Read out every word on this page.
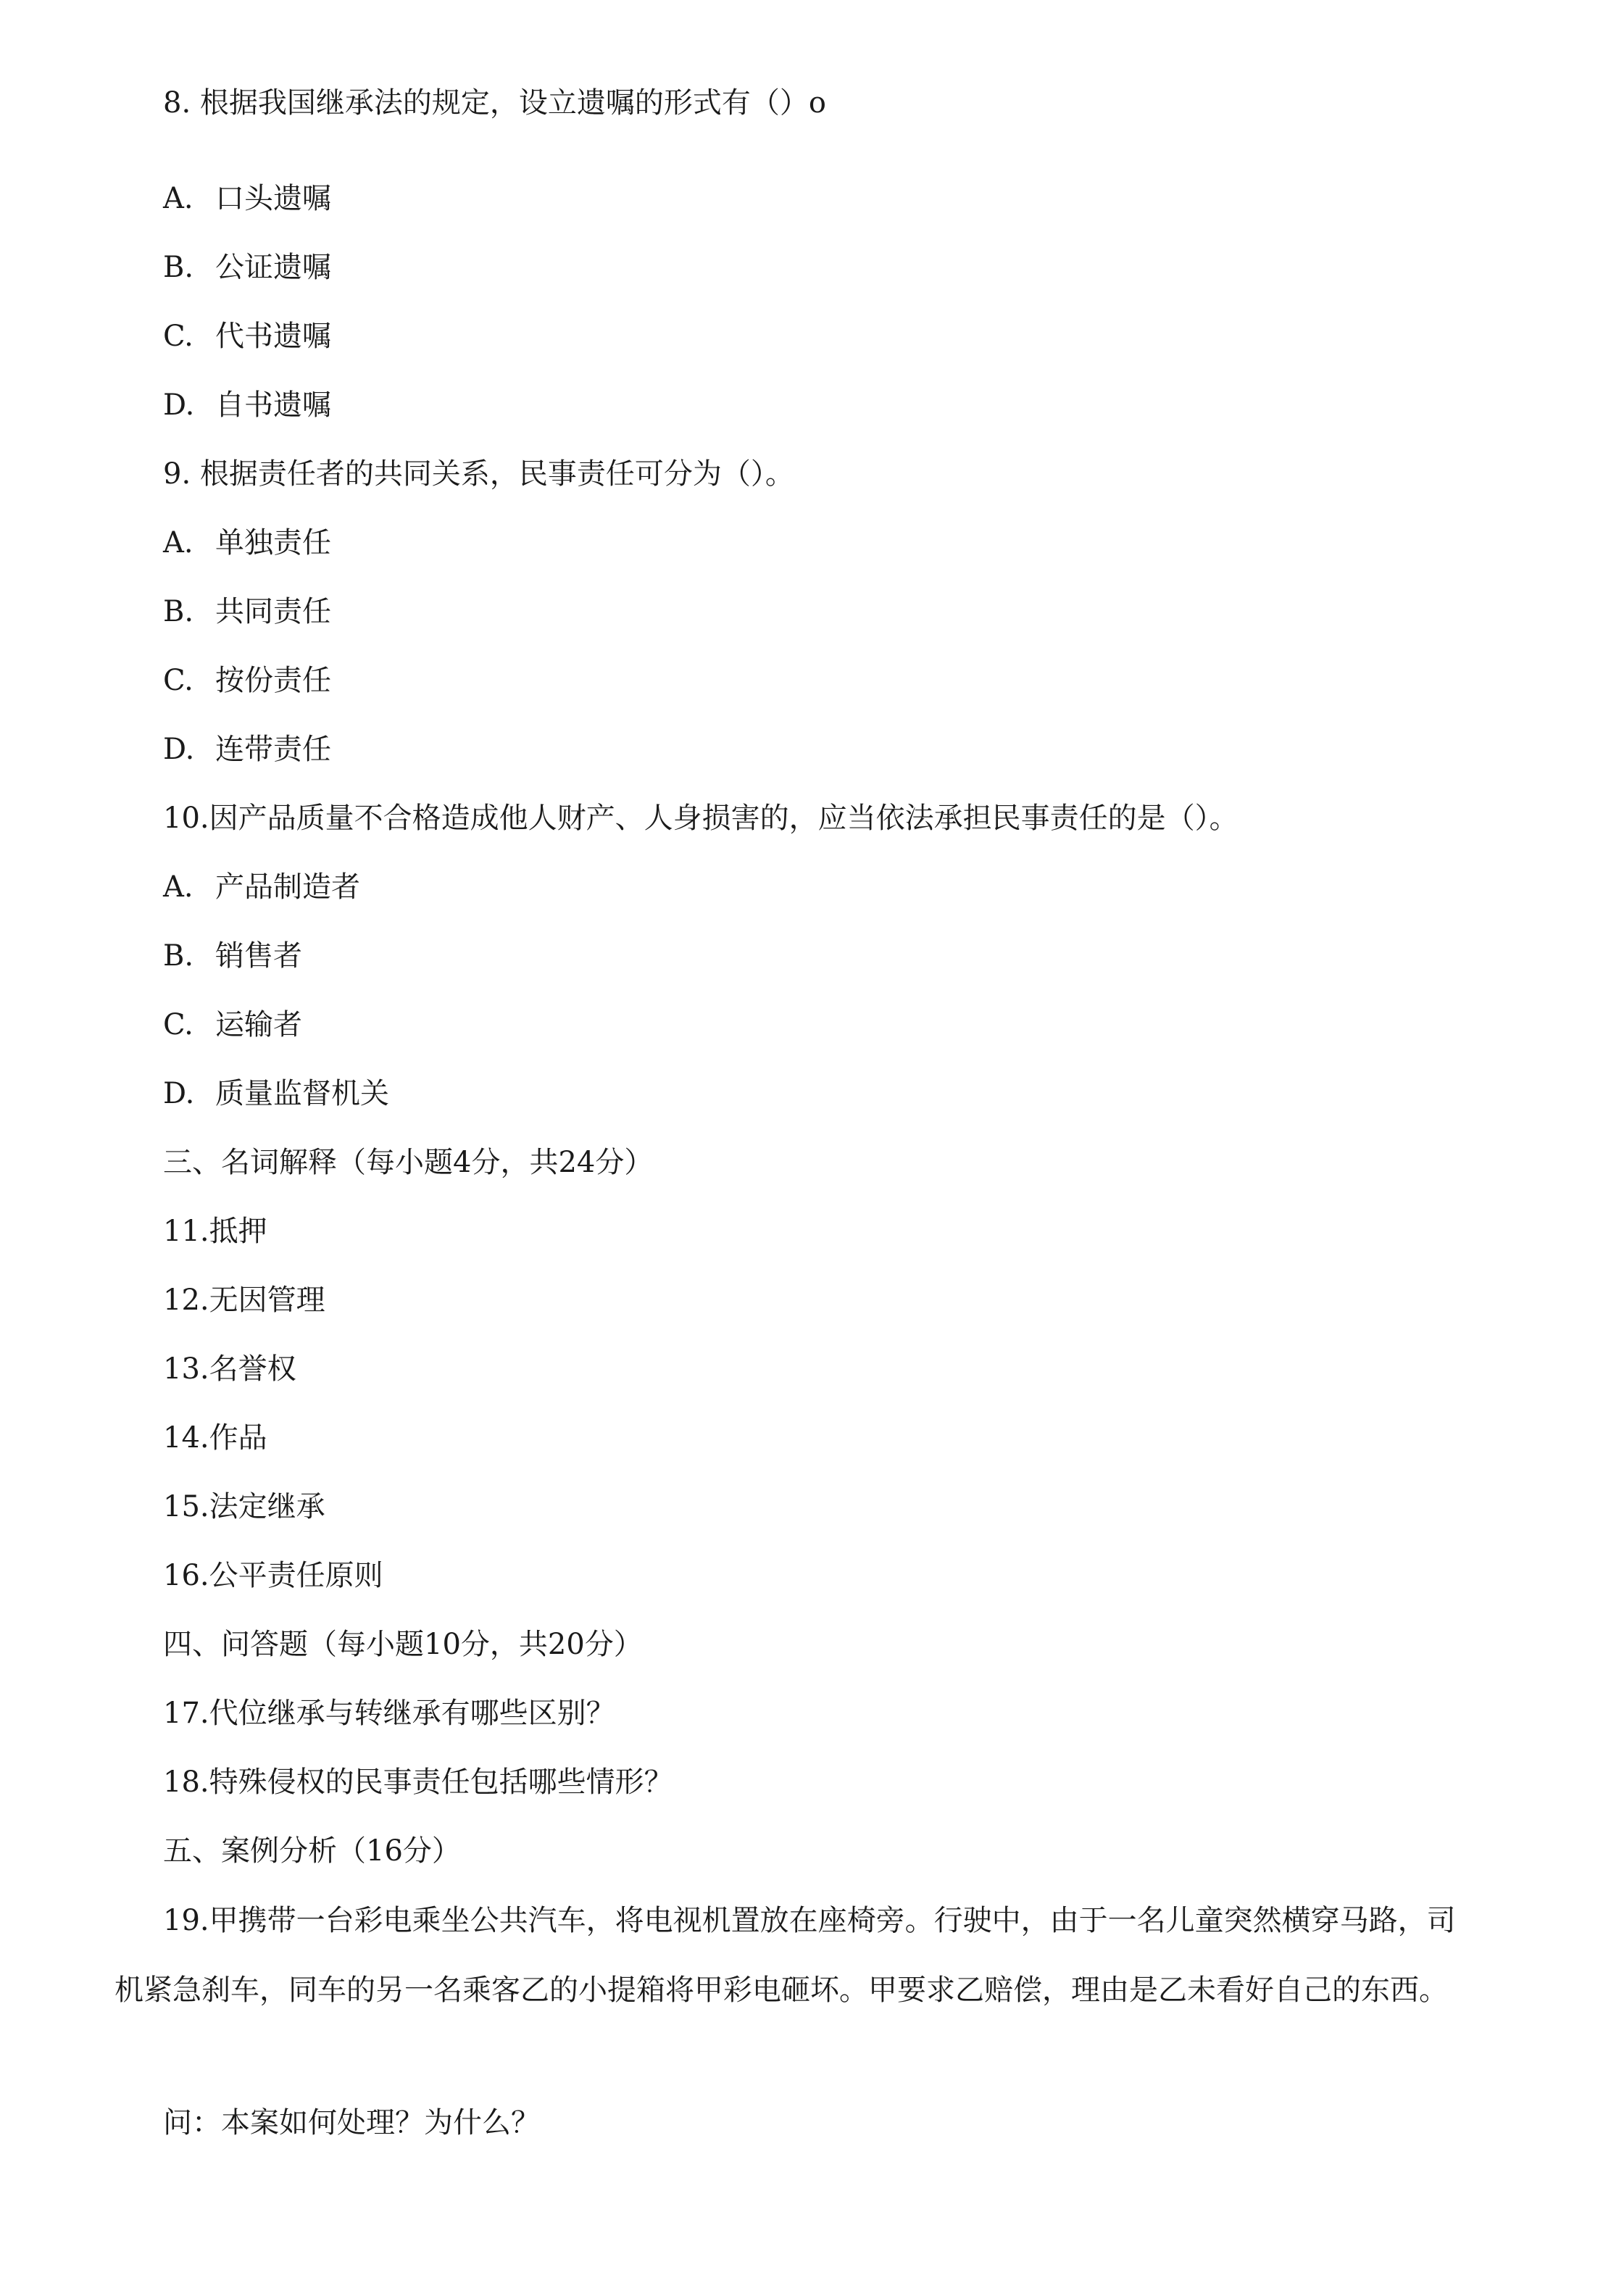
8. 根据我国继承法的规定，设立遗嘱的形式有（）o
A. 口头遗嘱
B. 公证遗嘱
C. 代书遗嘱
D. 自书遗嘱
9. 根据责任者的共同关系，民事责任可分为（）。
A. 单独责任
B. 共同责任
C. 按份责任
D. 连带责任
10.因产品质量不合格造成他人财产、人身损害的，应当依法承担民事责任的是（）。
A. 产品制造者
B. 销售者
C. 运输者
D. 质量监督机关
三、名词解释（每小题4分，共24分）
11.抵押
12.无因管理
13.名誉权
14.作品
15.法定继承
16.公平责任原则
四、问答题（每小题10分，共20分）
17.代位继承与转继承有哪些区别？
18.特殊侵权的民事责任包括哪些情形？
五、案例分析（16分）
19.甲携带一台彩电乘坐公共汽车，将电视机置放在座椅旁。行驶中，由于一名儿童突然横穿马路，司机紧急刹车，同车的另一名乘客乙的小提箱将甲彩电砸坏。甲要求乙赔偿，理由是乙未看好自己的东西。
问：本案如何处理？为什么？
